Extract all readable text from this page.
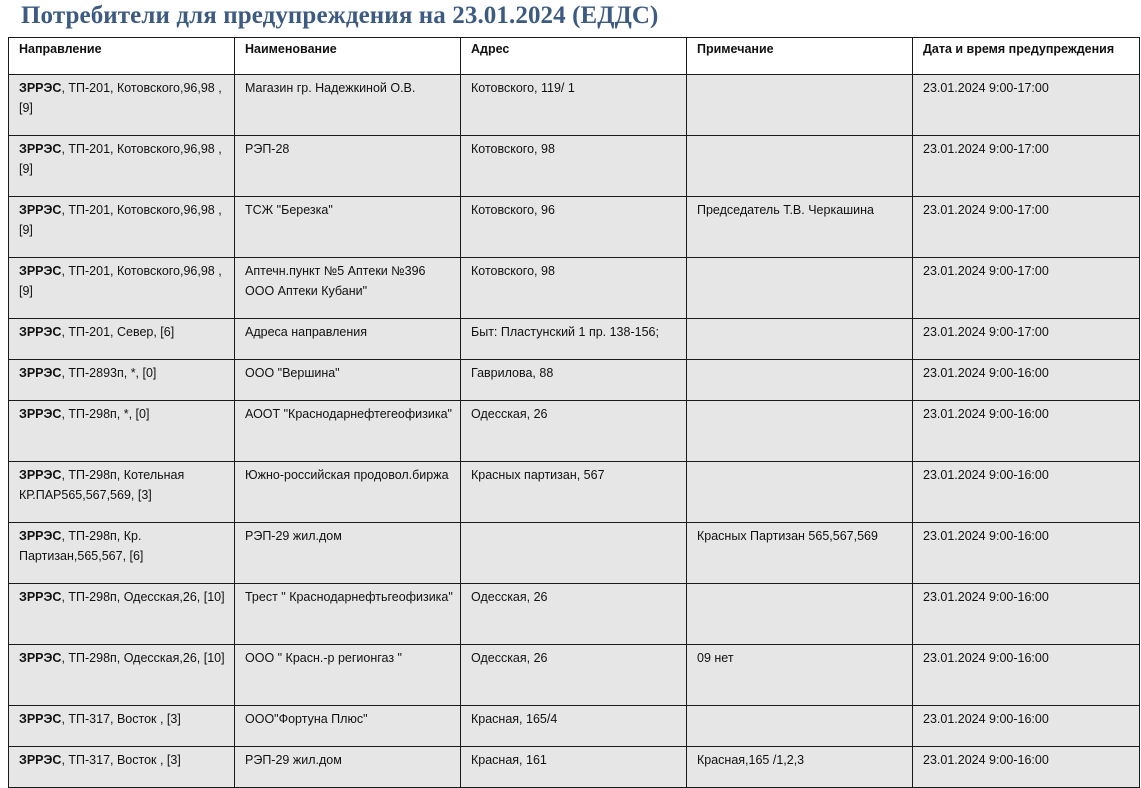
Потребители для предупреждения на 23.01.2024 (ЕДДС)
Направление	Наименование	Адрес	Примечание	Дата и время предупреждения
ЗРРЭС, ТП-201, Котовского,96,98 , [9]	Магазин гр. Надежкиной О.В.	Котовского, 119/ 1		23.01.2024 9:00-17:00
ЗРРЭС, ТП-201, Котовского,96,98 , [9]	РЭП-28	Котовского, 98		23.01.2024 9:00-17:00
ЗРРЭС, ТП-201, Котовского,96,98 , [9]	ТСЖ "Березка"	Котовского, 96	Председатель Т.В. Черкашина	23.01.2024 9:00-17:00
ЗРРЭС, ТП-201, Котовского,96,98 , [9]	Аптечн.пункт №5 Аптеки №396 ООО Аптеки Кубани"	Котовского, 98		23.01.2024 9:00-17:00
ЗРРЭС, ТП-201, Север, [6]	Адреса направления	Быт: Пластунский 1 пр. 138-156;		23.01.2024 9:00-17:00
ЗРРЭС, ТП-2893п, *, [0]	ООО "Вершина"	Гаврилова, 88		23.01.2024 9:00-16:00
ЗРРЭС, ТП-298п, *, [0]	АООТ "Краснодарнефтегеофизика"	Одесская, 26		23.01.2024 9:00-16:00
ЗРРЭС, ТП-298п, Котельная КР.ПАР565,567,569, [3]	Южно-российская продовол.биржа	Красных партизан, 567		23.01.2024 9:00-16:00
ЗРРЭС, ТП-298п, Кр. Партизан,565,567, [6]	РЭП-29 жил.дом		Красных Партизан 565,567,569	23.01.2024 9:00-16:00
ЗРРЭС, ТП-298п, Одесская,26, [10]	Трест " Краснодарнефтьгеофизика"	Одесская, 26		23.01.2024 9:00-16:00
ЗРРЭС, ТП-298п, Одесская,26, [10]	ООО " Красн.-р регионгаз "	Одесская, 26	09 нет	23.01.2024 9:00-16:00
ЗРРЭС, ТП-317, Восток , [3]	ООО"Фортуна Плюс"	Красная, 165/4		23.01.2024 9:00-16:00
ЗРРЭС, ТП-317, Восток , [3]	РЭП-29 жил.дом	Красная, 161	Красная,165 /1,2,3	23.01.2024 9:00-16:00
